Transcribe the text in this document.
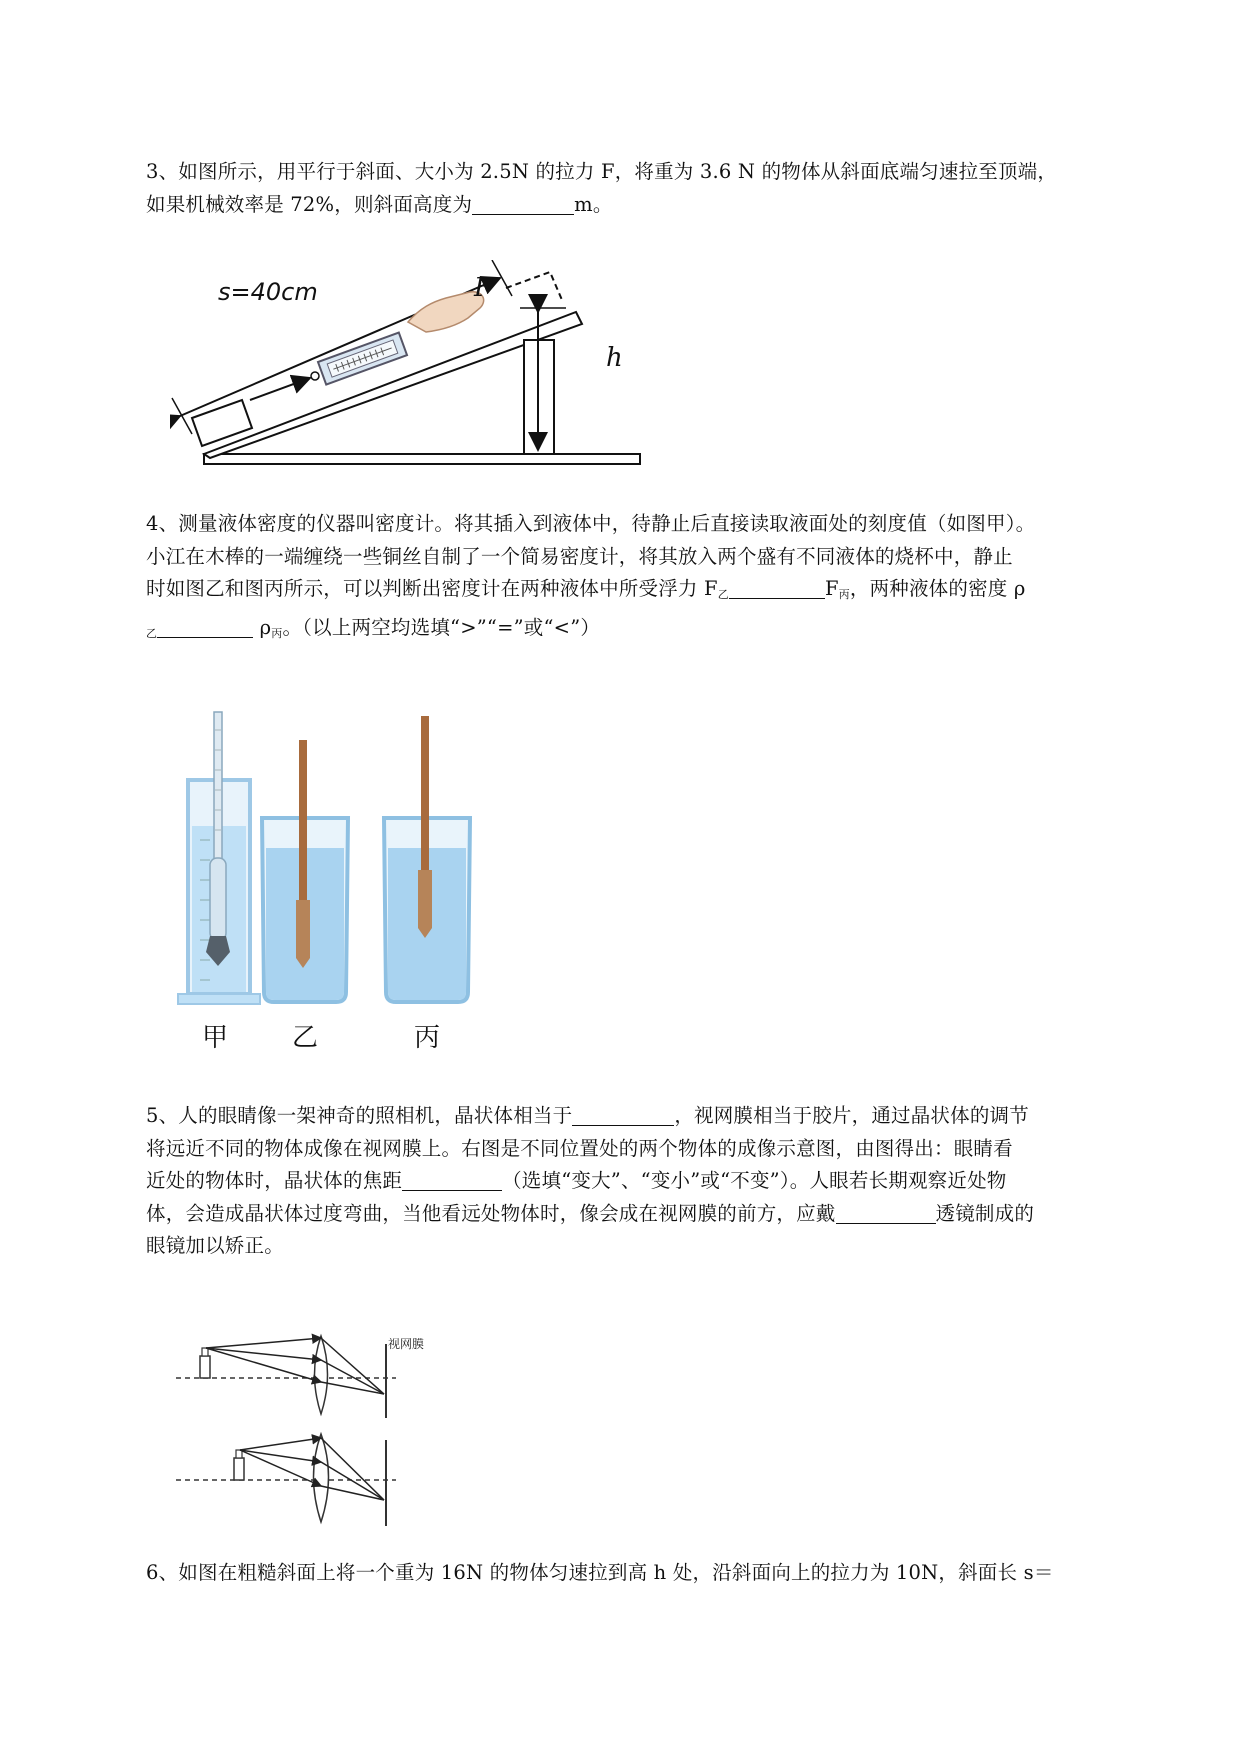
3、如图所示，用平行于斜面、大小为 2.5N 的拉力 F，将重为 3.6 N 的物体从斜面底端匀速拉至顶端，
如果机械效率是 72%，则斜面高度为	m。
s=40cm	F
h
4、测量液体密度的仪器叫密度计。将其插入到液体中，待静止后直接读取液面处的刻度值（如图甲）。
小江在木棒的一端缠绕一些铜丝自制了一个简易密度计，将其放入两个盛有不同液体的烧杯中，静止
时如图乙和图丙所示，可以判断出密度计在两种液体中所受浮力 $F_乙$	$F_丙$，两种液体的密度 ρ
$_乙$	$\rho_丙$。（以上两空均选填“>”“=”或“<”）
甲 乙	丙
5、人的眼睛像一架神奇的照相机，晶状体相当于	，视网膜相当于胶片，通过晶状体的调节
将远近不同的物体成像在视网膜上。右图是不同位置处的两个物体的成像示意图，由图得出：眼睛看
近处的物体时，晶状体的焦距	（选填“变大”、“变小”或“不变”）。人眼若长期观察近处物
体，会造成晶状体过度弯曲，当他看远处物体时，像会成在视网膜的前方，应戴	透镜制成的
眼镜加以矫正。
视网膜
6、如图在粗糙斜面上将一个重为 16N 的物体匀速拉到高 h 处，沿斜面向上的拉力为 10N，斜面长 s＝
